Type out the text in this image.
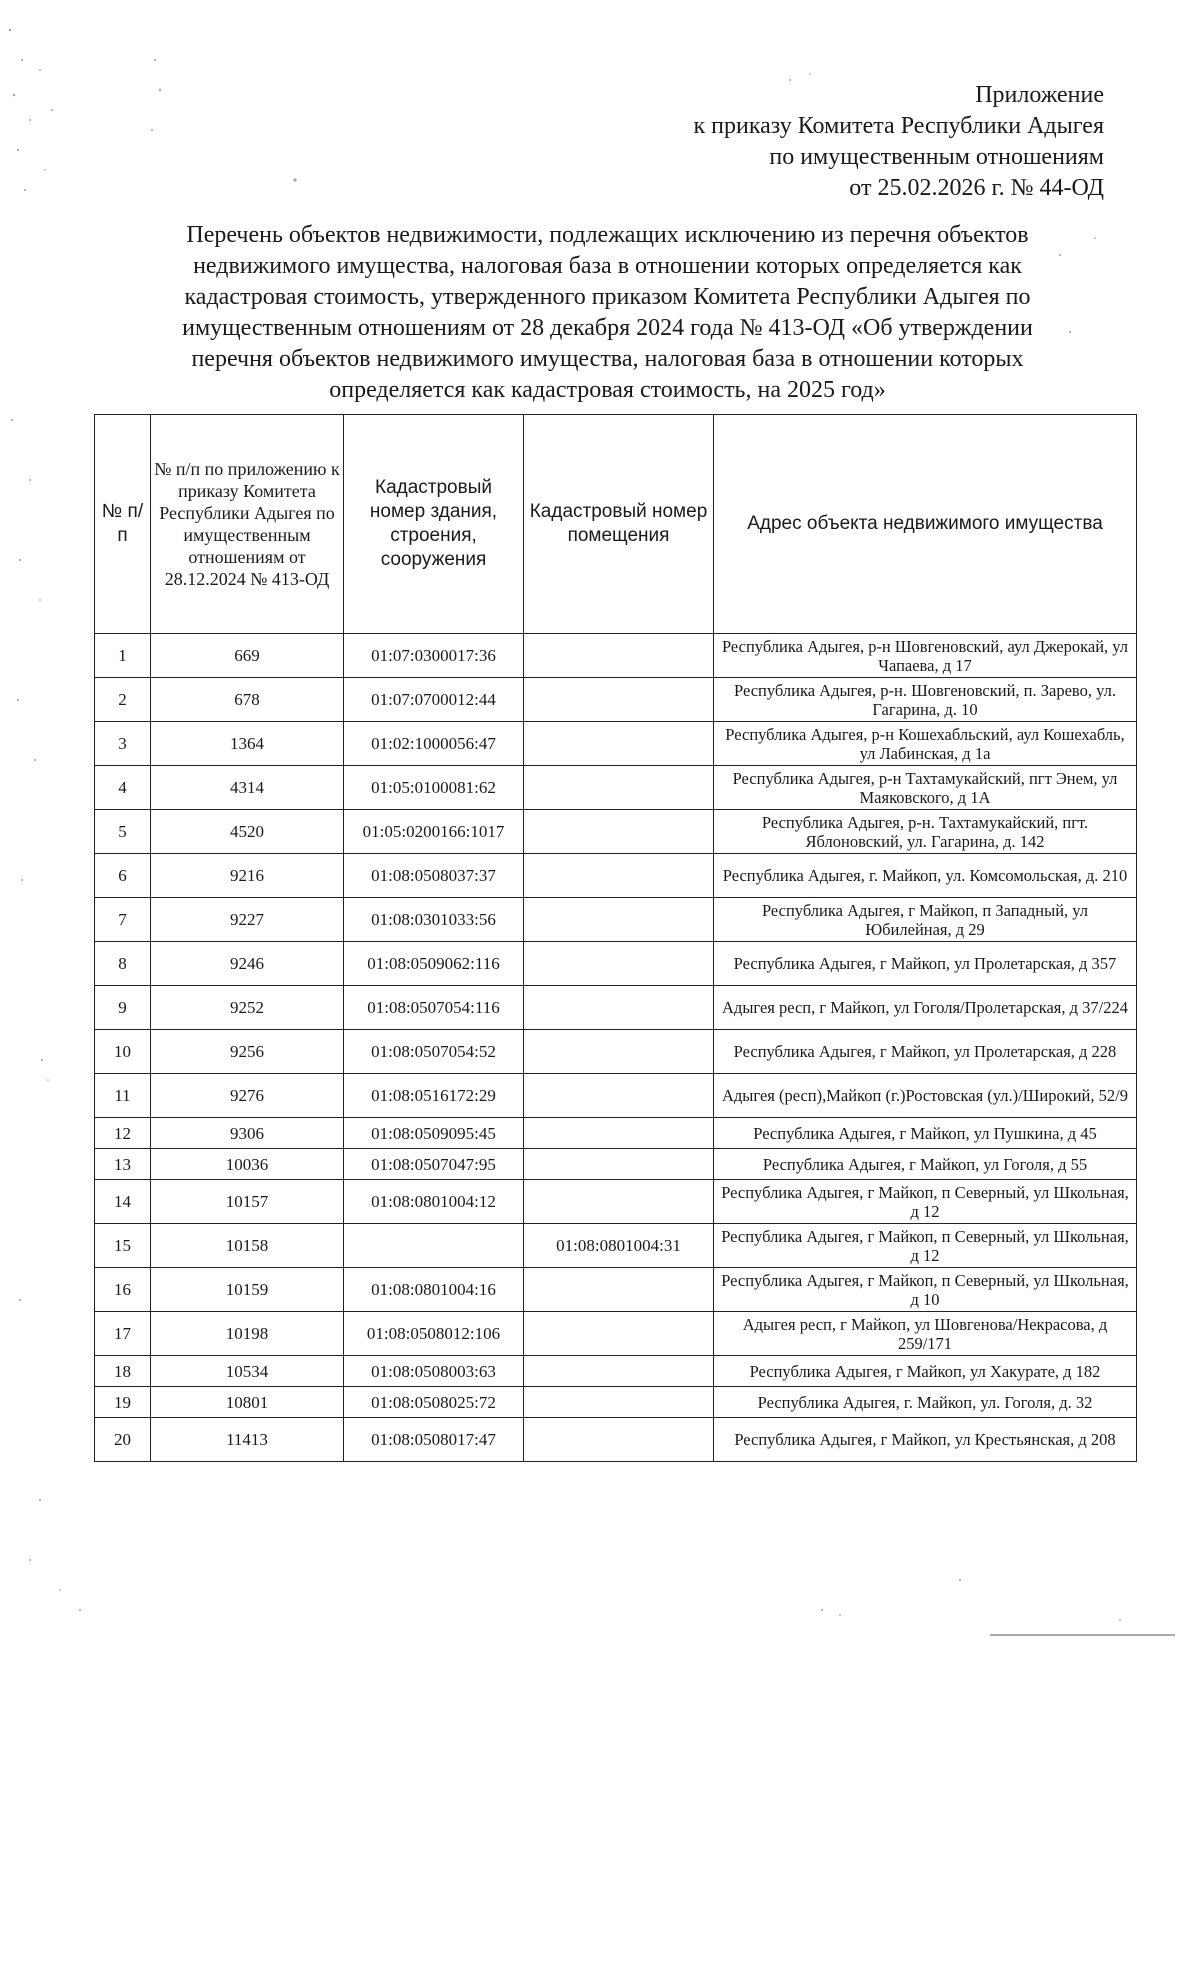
Приложение
к приказу Комитета Республики Адыгея
по имущественным отношениям
от 25.02.2026 г. № 44-ОД
Перечень объектов недвижимости, подлежащих исключению из перечня объектов
недвижимого имущества, налоговая база в отношении которых определяется как
кадастровая стоимость, утвержденного приказом Комитета Республики Адыгея по
имущественным отношениям от 28 декабря 2024 года № 413-ОД «Об утверждении
перечня объектов недвижимого имущества, налоговая база в отношении которых
определяется как кадастровая стоимость, на 2025 год»
№ п/п	№ п/п по приложению к приказу Комитета Республики Адыгея по имущественным отношениям от 28.12.2024 № 413-ОД	Кадастровый номер здания, строения, сооружения	Кадастровый номер помещения	Адрес объекта недвижимого имущества
1	669	01:07:0300017:36		Республика Адыгея, р-н Шовгеновский, аул Джерокай, ул Чапаева, д 17
2	678	01:07:0700012:44		Республика Адыгея, р-н. Шовгеновский, п. Зарево, ул. Гагарина, д. 10
3	1364	01:02:1000056:47		Республика Адыгея, р-н Кошехабльский, аул Кошехабль, ул Лабинская, д 1а
4	4314	01:05:0100081:62		Республика Адыгея, р-н Тахтамукайский, пгт Энем, ул Маяковского, д 1А
5	4520	01:05:0200166:1017		Республика Адыгея, р-н. Тахтамукайский, пгт. Яблоновский, ул. Гагарина, д. 142
6	9216	01:08:0508037:37		Республика Адыгея, г. Майкоп, ул. Комсомольская, д. 210
7	9227	01:08:0301033:56		Республика Адыгея, г Майкоп, п Западный, ул Юбилейная, д 29
8	9246	01:08:0509062:116		Республика Адыгея, г Майкоп, ул Пролетарская, д 357
9	9252	01:08:0507054:116		Адыгея респ, г Майкоп, ул Гоголя/Пролетарская, д 37/224
10	9256	01:08:0507054:52		Республика Адыгея, г Майкоп, ул Пролетарская, д 228
11	9276	01:08:0516172:29		Адыгея (респ),Майкоп (г.)Ростовская (ул.)/Широкий, 52/9
12	9306	01:08:0509095:45		Республика Адыгея, г Майкоп, ул Пушкина, д 45
13	10036	01:08:0507047:95		Республика Адыгея, г Майкоп, ул Гоголя, д 55
14	10157	01:08:0801004:12		Республика Адыгея, г Майкоп, п Северный, ул Школьная, д 12
15	10158		01:08:0801004:31	Республика Адыгея, г Майкоп, п Северный, ул Школьная, д 12
16	10159	01:08:0801004:16		Республика Адыгея, г Майкоп, п Северный, ул Школьная, д 10
17	10198	01:08:0508012:106		Адыгея респ, г Майкоп, ул Шовгенова/Некрасова, д 259/171
18	10534	01:08:0508003:63		Республика Адыгея, г Майкоп, ул Хакурате, д 182
19	10801	01:08:0508025:72		Республика Адыгея, г. Майкоп, ул. Гоголя, д. 32
20	11413	01:08:0508017:47		Республика Адыгея, г Майкоп, ул Крестьянская, д 208
